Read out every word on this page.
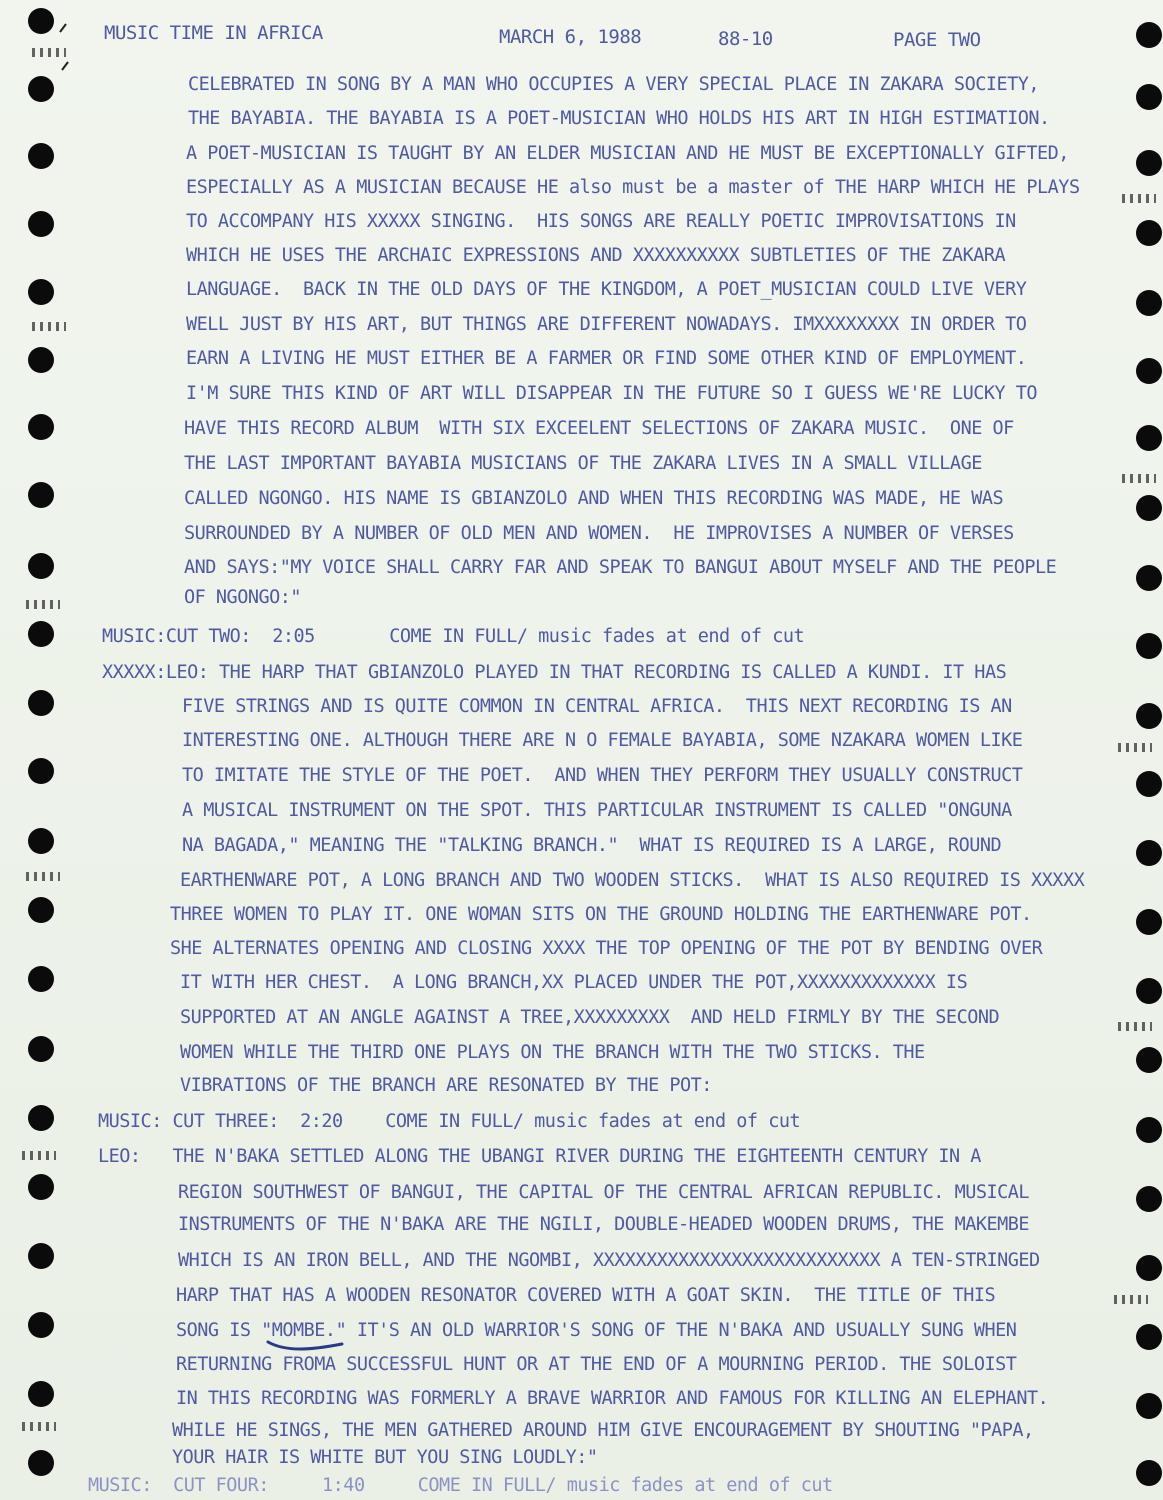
MUSIC TIME IN AFRICA	MARCH 6, 1988	88-10	PAGE TWO
CELEBRATED IN SONG BY A MAN WHO OCCUPIES A VERY SPECIAL PLACE IN ZAKARA SOCIETY,
THE BAYABIA. THE BAYABIA IS A POET-MUSICIAN WHO HOLDS HIS ART IN HIGH ESTIMATION.
A POET-MUSICIAN IS TAUGHT BY AN ELDER MUSICIAN AND HE MUST BE EXCEPTIONALLY GIFTED,
ESPECIALLY AS A MUSICIAN BECAUSE HE also must be a master of THE HARP WHICH HE PLAYS
TO ACCOMPANY HIS XXXXX SINGING.  HIS SONGS ARE REALLY POETIC IMPROVISATIONS IN
WHICH HE USES THE ARCHAIC EXPRESSIONS AND XXXXXXXXXX SUBTLETIES OF THE ZAKARA
LANGUAGE.  BACK IN THE OLD DAYS OF THE KINGDOM, A POET_MUSICIAN COULD LIVE VERY
WELL JUST BY HIS ART, BUT THINGS ARE DIFFERENT NOWADAYS. IMXXXXXXXX IN ORDER TO
EARN A LIVING HE MUST EITHER BE A FARMER OR FIND SOME OTHER KIND OF EMPLOYMENT.
I'M SURE THIS KIND OF ART WILL DISAPPEAR IN THE FUTURE SO I GUESS WE'RE LUCKY TO
HAVE THIS RECORD ALBUM  WITH SIX EXCEELENT SELECTIONS OF ZAKARA MUSIC.  ONE OF
THE LAST IMPORTANT BAYABIA MUSICIANS OF THE ZAKARA LIVES IN A SMALL VILLAGE
CALLED NGONGO. HIS NAME IS GBIANZOLO AND WHEN THIS RECORDING WAS MADE, HE WAS
SURROUNDED BY A NUMBER OF OLD MEN AND WOMEN.  HE IMPROVISES A NUMBER OF VERSES
AND SAYS:"MY VOICE SHALL CARRY FAR AND SPEAK TO BANGUI ABOUT MYSELF AND THE PEOPLE
OF NGONGO:"
MUSIC:CUT TWO:  2:05       COME IN FULL/ music fades at end of cut
XXXXX:LEO: THE HARP THAT GBIANZOLO PLAYED IN THAT RECORDING IS CALLED A KUNDI. IT HAS
FIVE STRINGS AND IS QUITE COMMON IN CENTRAL AFRICA.  THIS NEXT RECORDING IS AN
INTERESTING ONE. ALTHOUGH THERE ARE N O FEMALE BAYABIA, SOME NZAKARA WOMEN LIKE
TO IMITATE THE STYLE OF THE POET.  AND WHEN THEY PERFORM THEY USUALLY CONSTRUCT
A MUSICAL INSTRUMENT ON THE SPOT. THIS PARTICULAR INSTRUMENT IS CALLED "ONGUNA
NA BAGADA," MEANING THE "TALKING BRANCH."  WHAT IS REQUIRED IS A LARGE, ROUND
EARTHENWARE POT, A LONG BRANCH AND TWO WOODEN STICKS.  WHAT IS ALSO REQUIRED IS XXXXX
THREE WOMEN TO PLAY IT. ONE WOMAN SITS ON THE GROUND HOLDING THE EARTHENWARE POT.
SHE ALTERNATES OPENING AND CLOSING XXXX THE TOP OPENING OF THE POT BY BENDING OVER
IT WITH HER CHEST.  A LONG BRANCH,XX PLACED UNDER THE POT,XXXXXXXXXXXXX IS
SUPPORTED AT AN ANGLE AGAINST A TREE,XXXXXXXXX  AND HELD FIRMLY BY THE SECOND
WOMEN WHILE THE THIRD ONE PLAYS ON THE BRANCH WITH THE TWO STICKS. THE
VIBRATIONS OF THE BRANCH ARE RESONATED BY THE POT:
MUSIC: CUT THREE:  2:20    COME IN FULL/ music fades at end of cut
LEO:   THE N'BAKA SETTLED ALONG THE UBANGI RIVER DURING THE EIGHTEENTH CENTURY IN A
REGION SOUTHWEST OF BANGUI, THE CAPITAL OF THE CENTRAL AFRICAN REPUBLIC. MUSICAL
INSTRUMENTS OF THE N'BAKA ARE THE NGILI, DOUBLE-HEADED WOODEN DRUMS, THE MAKEMBE
WHICH IS AN IRON BELL, AND THE NGOMBI, XXXXXXXXXXXXXXXXXXXXXXXXXXX A TEN-STRINGED
HARP THAT HAS A WOODEN RESONATOR COVERED WITH A GOAT SKIN.  THE TITLE OF THIS
SONG IS "MOMBE." IT'S AN OLD WARRIOR'S SONG OF THE N'BAKA AND USUALLY SUNG WHEN
RETURNING FROMA SUCCESSFUL HUNT OR AT THE END OF A MOURNING PERIOD. THE SOLOIST
IN THIS RECORDING WAS FORMERLY A BRAVE WARRIOR AND FAMOUS FOR KILLING AN ELEPHANT.
WHILE HE SINGS, THE MEN GATHERED AROUND HIM GIVE ENCOURAGEMENT BY SHOUTING "PAPA,
YOUR HAIR IS WHITE BUT YOU SING LOUDLY:"
MUSIC:  CUT FOUR:     1:40     COME IN FULL/ music fades at end of cut
